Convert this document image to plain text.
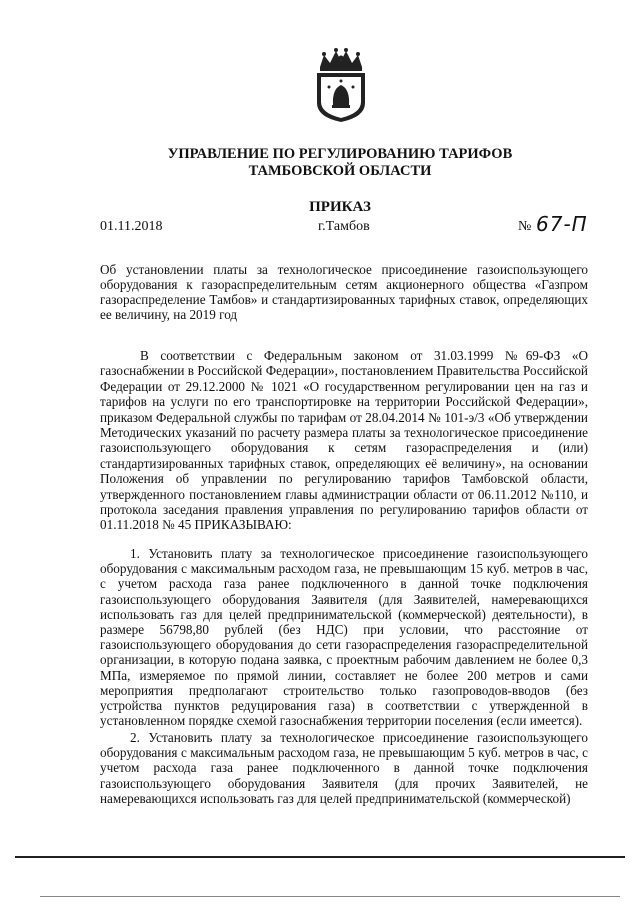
УПРАВЛЕНИЕ ПО РЕГУЛИРОВАНИЮ ТАРИФОВ
ТАМБОВСКОЙ ОБЛАСТИ
ПРИКАЗ
01.11.2018	г.Тамбов	№ 67-П
Об установлении платы за технологическое присоединение газоиспользующего оборудования к газораспределительным сетям акционерного общества «Газпром газораспределение Тамбов» и стандартизированных тарифных ставок, определяющих ее величину, на 2019 год
В соответствии с Федеральным законом от 31.03.1999 №69-ФЗ «О газоснабжении в Российской Федерации», постановлением Правительства Российской Федерации от 29.12.2000 № 1021 «О государственном регулировании цен на газ и тарифов на услуги по его транспортировке на территории Российской Федерации», приказом Федеральной службы по тарифам от 28.04.2014 № 101-э/3 «Об утверждении Методических указаний по расчету размера платы за технологическое присоединение газоиспользующего оборудования к сетям газораспределения и (или) стандартизированных тарифных ставок, определяющих её величину», на основании Положения об управлении по регулированию тарифов Тамбовской области, утвержденного постановлением главы администрации области от 06.11.2012 №110, и протокола заседания правления управления по регулированию тарифов области от 01.11.2018 № 45 ПРИКАЗЫВАЮ:
1. Установить плату за технологическое присоединение газоиспользующего оборудования с максимальным расходом газа, не превышающим 15 куб. метров в час, с учетом расхода газа ранее подключенного в данной точке подключения газоиспользующего оборудования Заявителя (для Заявителей, намеревающихся использовать газ для целей предпринимательской (коммерческой) деятельности), в размере 56798,80 рублей (без НДС) при условии, что расстояние от газоиспользующего оборудования до сети газораспределения газораспределительной организации, в которую подана заявка, с проектным рабочим давлением не более 0,3 МПа, измеряемое по прямой линии, составляет не более 200 метров и сами мероприятия предполагают строительство только газопроводов-вводов (без устройства пунктов редуцирования газа) в соответствии с утвержденной в установленном порядке схемой газоснабжения территории поселения (если имеется).
2. Установить плату за технологическое присоединение газоиспользующего оборудования с максимальным расходом газа, не превышающим 5 куб. метров в час, с учетом расхода газа ранее подключенного в данной точке подключения газоиспользующего оборудования Заявителя (для прочих Заявителей, не намеревающихся использовать газ для целей предпринимательской (коммерческой)
